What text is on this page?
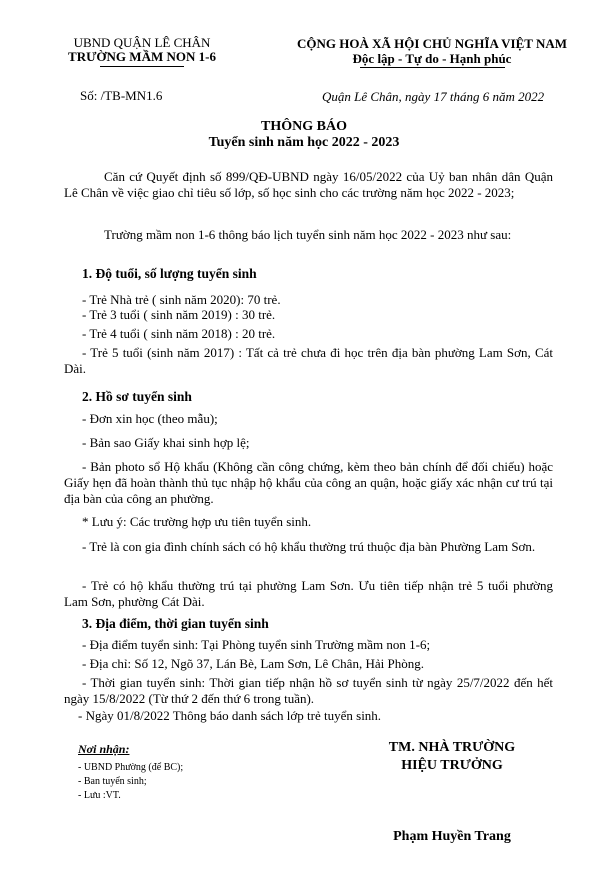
UBND QUẬN LÊ CHÂN
TRƯỜNG MẦM NON 1-6
Số: /TB-MN1.6
CỘNG HOÀ XÃ HỘI CHỦ NGHĨA VIỆT NAM
Độc lập - Tự do - Hạnh phúc
Quận Lê Chân, ngày 17 tháng 6 năm 2022
THÔNG BÁO
Tuyển sinh năm học 2022 - 2023
Căn cứ Quyết định số 899/QĐ-UBND ngày 16/05/2022 của Uỷ ban nhân dân Quận Lê Chân về việc giao chỉ tiêu số lớp, số học sinh cho các trường năm học 2022 - 2023;
Trường mầm non 1-6 thông báo lịch tuyển sinh năm học 2022 - 2023 như sau:
1. Độ tuổi, số lượng tuyển sinh
- Trẻ Nhà trẻ ( sinh năm 2020): 70 trẻ.
- Trẻ 3 tuổi ( sinh năm 2019) : 30 trẻ.
- Trẻ 4 tuổi ( sinh năm 2018) : 20 trẻ.
- Trẻ 5 tuổi (sinh năm 2017) : Tất cả trẻ chưa đi học trên địa bàn phường Lam Sơn, Cát Dài.
2. Hồ sơ tuyển sinh
- Đơn xin học (theo mẫu);
- Bản sao Giấy khai sinh hợp lệ;
- Bản photo sổ Hộ khẩu (Không cần công chứng, kèm theo bản chính để đối chiếu) hoặc Giấy hẹn đã hoàn thành thủ tục nhập hộ khẩu của công an quận, hoặc giấy xác nhận cư trú tại địa bàn của công an phường.
* Lưu ý: Các trường hợp ưu tiên tuyển sinh.
- Trẻ là con gia đình chính sách có hộ khẩu thường trú thuộc địa bàn Phường Lam Sơn.
- Trẻ có hộ khẩu thường trú tại phường Lam Sơn. Ưu tiên tiếp nhận trẻ 5 tuổi phường Lam Sơn, phường Cát Dài.
3. Địa điểm, thời gian tuyển sinh
- Địa điểm tuyển sinh: Tại Phòng tuyển sinh Trường mầm non 1-6;
- Địa chỉ: Số 12, Ngõ 37, Lán Bè, Lam Sơn, Lê Chân, Hải Phòng.
- Thời gian tuyển sinh: Thời gian tiếp nhận hồ sơ tuyển sinh từ ngày 25/7/2022 đến hết ngày 15/8/2022 (Từ thứ 2 đến thứ 6 trong tuần).
- Ngày 01/8/2022 Thông báo danh sách lớp trẻ tuyển sinh.
Nơi nhận:
- UBND Phường (để BC);
- Ban tuyển sinh;
- Lưu :VT.
TM. NHÀ TRƯỜNG
HIỆU TRƯỞNG
Phạm Huyền Trang
